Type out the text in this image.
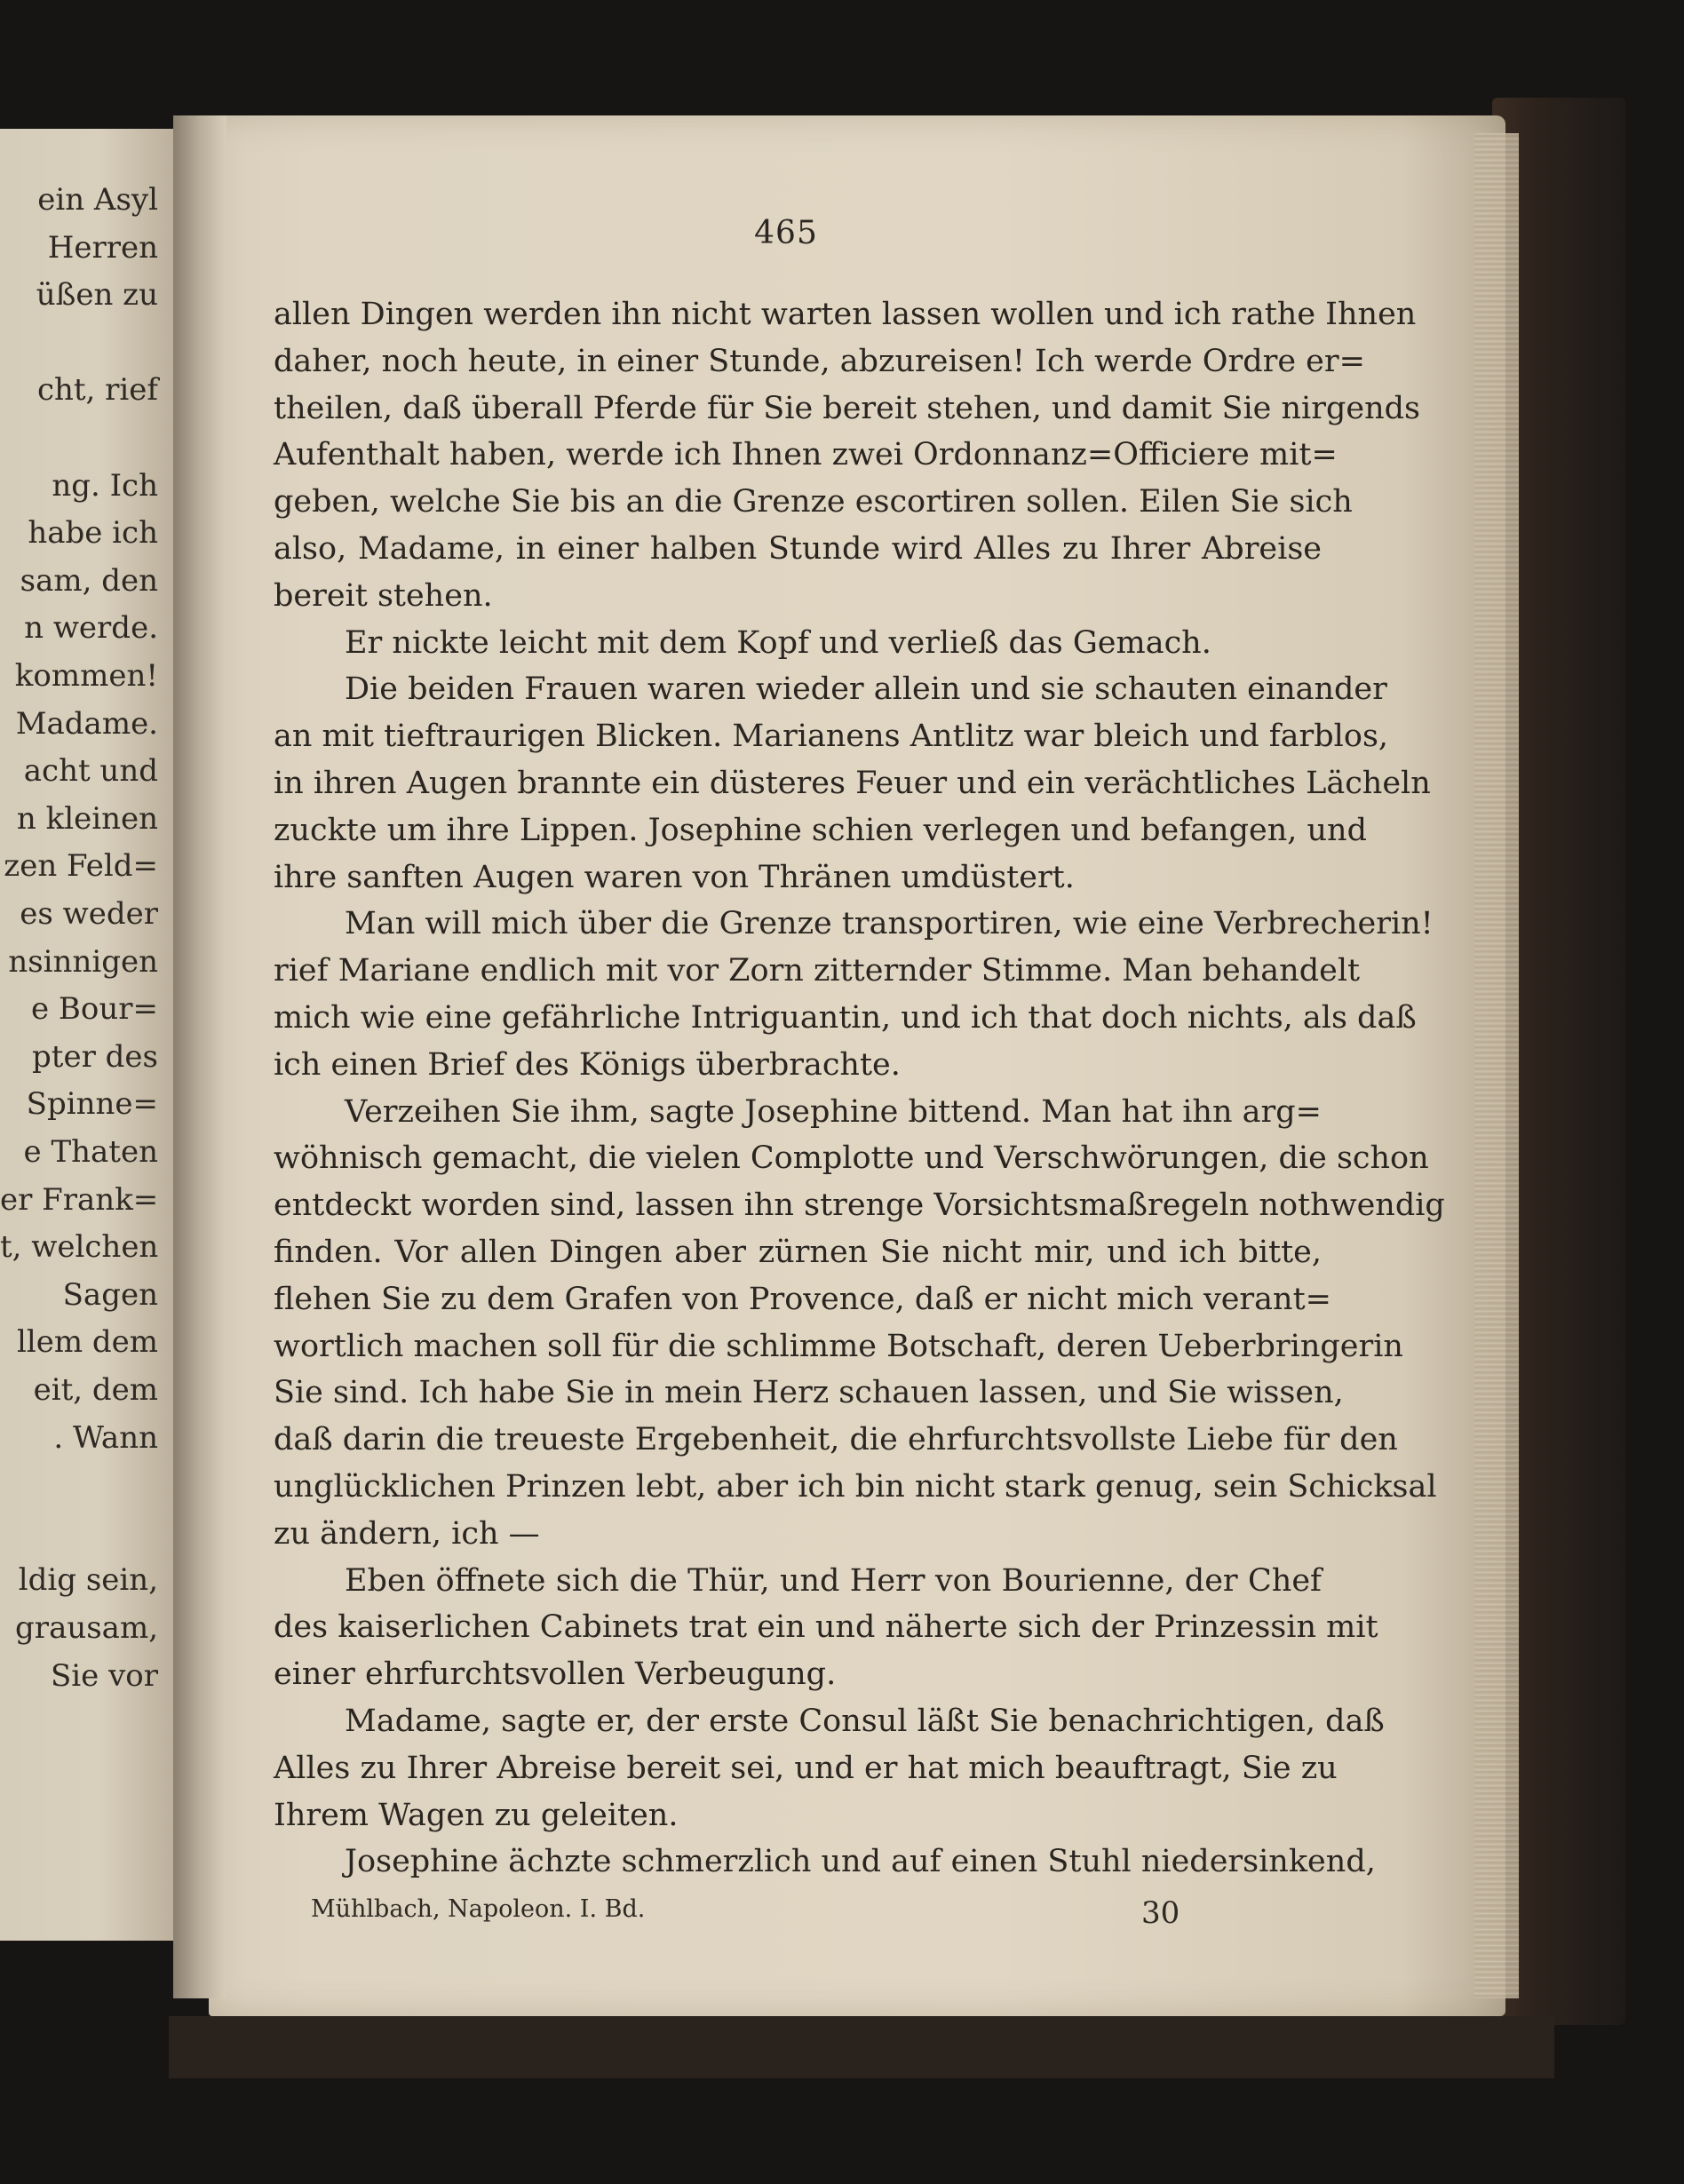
ein Asyl
Herren
üßen zu
cht, rief
ng. Ich
habe ich
sam, den
n werde.
kommen!
Madame.
acht und
n kleinen
zen Feld=
es weder
nsinnigen
e Bour=
pter des
Spinne=
e Thaten
er Frank=
t, welchen
Sagen
llem dem
eit, dem
. Wann
ldig sein,
grausam,
Sie vor
465
allen Dingen werden ihn nicht warten lassen wollen und ich rathe Ihnen
daher, noch heute, in einer Stunde, abzureisen! Ich werde Ordre er=
theilen, daß überall Pferde für Sie bereit stehen, und damit Sie nirgends
Aufenthalt haben, werde ich Ihnen zwei Ordonnanz=Officiere mit=
geben, welche Sie bis an die Grenze escortiren sollen. Eilen Sie sich
also, Madame, in einer halben Stunde wird Alles zu Ihrer Abreise
bereit stehen.
Er nickte leicht mit dem Kopf und verließ das Gemach.
Die beiden Frauen waren wieder allein und sie schauten einander
an mit tieftraurigen Blicken. Marianens Antlitz war bleich und farblos,
in ihren Augen brannte ein düsteres Feuer und ein verächtliches Lächeln
zuckte um ihre Lippen. Josephine schien verlegen und befangen, und
ihre sanften Augen waren von Thränen umdüstert.
Man will mich über die Grenze transportiren, wie eine Verbrecherin!
rief Mariane endlich mit vor Zorn zitternder Stimme. Man behandelt
mich wie eine gefährliche Intriguantin, und ich that doch nichts, als daß
ich einen Brief des Königs überbrachte.
Verzeihen Sie ihm, sagte Josephine bittend. Man hat ihn arg=
wöhnisch gemacht, die vielen Complotte und Verschwörungen, die schon
entdeckt worden sind, lassen ihn strenge Vorsichtsmaßregeln nothwendig
finden. Vor allen Dingen aber zürnen Sie nicht mir, und ich bitte,
flehen Sie zu dem Grafen von Provence, daß er nicht mich verant=
wortlich machen soll für die schlimme Botschaft, deren Ueberbringerin
Sie sind. Ich habe Sie in mein Herz schauen lassen, und Sie wissen,
daß darin die treueste Ergebenheit, die ehrfurchtsvollste Liebe für den
unglücklichen Prinzen lebt, aber ich bin nicht stark genug, sein Schicksal
zu ändern, ich —
Eben öffnete sich die Thür, und Herr von Bourienne, der Chef
des kaiserlichen Cabinets trat ein und näherte sich der Prinzessin mit
einer ehrfurchtsvollen Verbeugung.
Madame, sagte er, der erste Consul läßt Sie benachrichtigen, daß
Alles zu Ihrer Abreise bereit sei, und er hat mich beauftragt, Sie zu
Ihrem Wagen zu geleiten.
Josephine ächzte schmerzlich und auf einen Stuhl niedersinkend,
Mühlbach, Napoleon. I. Bd.	30
